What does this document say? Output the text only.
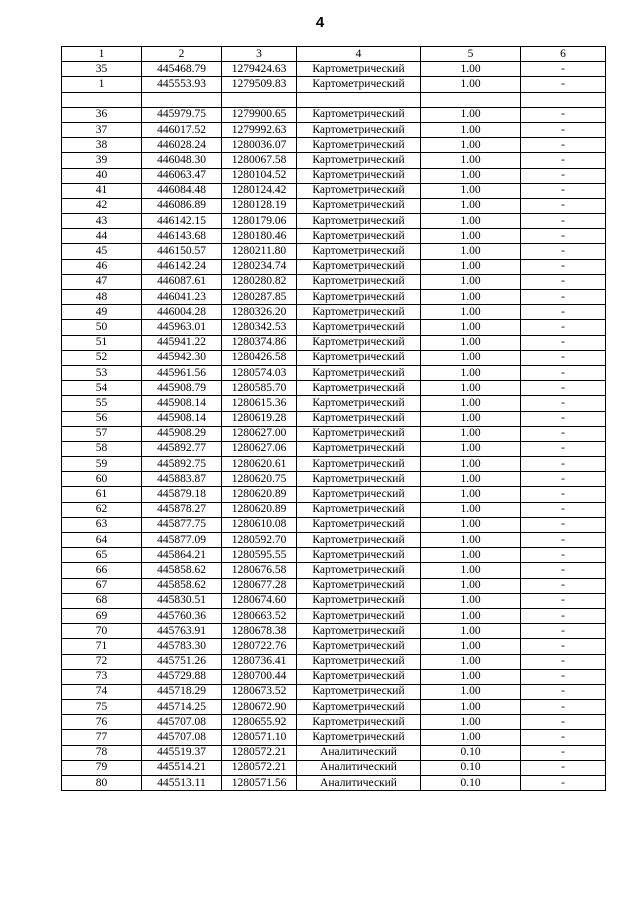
4
1	2	3	4	5	6
35	445468.79	1279424.63	Картометрический	1.00	-
1	445553.93	1279509.83	Картометрический	1.00	-

36	445979.75	1279900.65	Картометрический	1.00	-
37	446017.52	1279992.63	Картометрический	1.00	-
38	446028.24	1280036.07	Картометрический	1.00	-
39	446048.30	1280067.58	Картометрический	1.00	-
40	446063.47	1280104.52	Картометрический	1.00	-
41	446084.48	1280124.42	Картометрический	1.00	-
42	446086.89	1280128.19	Картометрический	1.00	-
43	446142.15	1280179.06	Картометрический	1.00	-
44	446143.68	1280180.46	Картометрический	1.00	-
45	446150.57	1280211.80	Картометрический	1.00	-
46	446142.24	1280234.74	Картометрический	1.00	-
47	446087.61	1280280.82	Картометрический	1.00	-
48	446041.23	1280287.85	Картометрический	1.00	-
49	446004.28	1280326.20	Картометрический	1.00	-
50	445963.01	1280342.53	Картометрический	1.00	-
51	445941.22	1280374.86	Картометрический	1.00	-
52	445942.30	1280426.58	Картометрический	1.00	-
53	445961.56	1280574.03	Картометрический	1.00	-
54	445908.79	1280585.70	Картометрический	1.00	-
55	445908.14	1280615.36	Картометрический	1.00	-
56	445908.14	1280619.28	Картометрический	1.00	-
57	445908.29	1280627.00	Картометрический	1.00	-
58	445892.77	1280627.06	Картометрический	1.00	-
59	445892.75	1280620.61	Картометрический	1.00	-
60	445883.87	1280620.75	Картометрический	1.00	-
61	445879.18	1280620.89	Картометрический	1.00	-
62	445878.27	1280620.89	Картометрический	1.00	-
63	445877.75	1280610.08	Картометрический	1.00	-
64	445877.09	1280592.70	Картометрический	1.00	-
65	445864.21	1280595.55	Картометрический	1.00	-
66	445858.62	1280676.58	Картометрический	1.00	-
67	445858.62	1280677.28	Картометрический	1.00	-
68	445830.51	1280674.60	Картометрический	1.00	-
69	445760.36	1280663.52	Картометрический	1.00	-
70	445763.91	1280678.38	Картометрический	1.00	-
71	445783.30	1280722.76	Картометрический	1.00	-
72	445751.26	1280736.41	Картометрический	1.00	-
73	445729.88	1280700.44	Картометрический	1.00	-
74	445718.29	1280673.52	Картометрический	1.00	-
75	445714.25	1280672.90	Картометрический	1.00	-
76	445707.08	1280655.92	Картометрический	1.00	-
77	445707.08	1280571.10	Картометрический	1.00	-
78	445519.37	1280572.21	Аналитический	0.10	-
79	445514.21	1280572.21	Аналитический	0.10	-
80	445513.11	1280571.56	Аналитический	0.10	-
